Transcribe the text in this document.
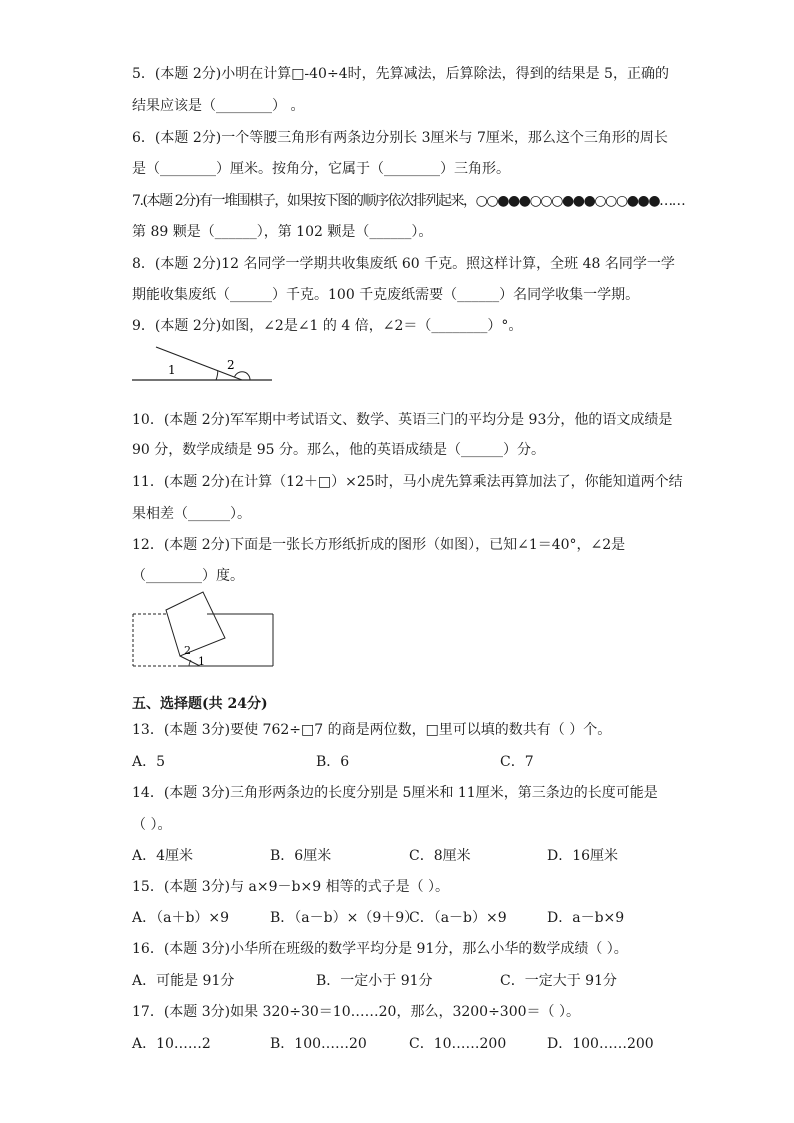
5．(本题 2分)小明在计算□-40÷4时，先算减法，后算除法，得到的结果是 5，正确的
结果应该是（________） 。
6．(本题 2分)一个等腰三角形有两条边分别长 3厘米与 7厘米，那么这个三角形的周长
是（________）厘米。按角分，它属于（________）三角形。
7.(本题 2分)有一堆围棋子，如果按下图的顺序依次排列起来，○○●●●○○○●●●○○○●●●……
第 89 颗是（______），第 102 颗是（______）。
8．(本题 2分)12 名同学一学期共收集废纸 60 千克。照这样计算，全班 48 名同学一学
期能收集废纸（______）千克。100 千克废纸需要（______）名同学收集一学期。
9．(本题 2分)如图，∠2是∠1 的 4 倍，∠2＝（________）°。
1	2
10．(本题 2分)军军期中考试语文、数学、英语三门的平均分是 93分，他的语文成绩是
90 分，数学成绩是 95 分。那么，他的英语成绩是（______）分。
11．(本题 2分)在计算（12＋□）×25时，马小虎先算乘法再算加法了，你能知道两个结
果相差（______）。
12．(本题 2分)下面是一张长方形纸折成的图形（如图），已知∠1＝40°，∠2是
（________）度。
2
1
五、选择题(共 24分)
13．(本题 3分)要使 762÷□7 的商是两位数，□里可以填的数共有（ ）个。
A．5	B．6	C．7
14．(本题 3分)三角形两条边的长度分别是 5厘米和 11厘米，第三条边的长度可能是
（ ）。
A．4厘米	B．6厘米	C．8厘米	D．16厘米
15．(本题 3分)与 a×9－b×9 相等的式子是（ ）。
A．（a＋b）×9	B．（a－b）×（9＋9）
C．（a－b）×9	D．a－b×9
16．(本题 3分)小华所在班级的数学平均分是 91分，那么小华的数学成绩（ ）。
A．可能是 91分	B．一定小于 91分	C．一定大于 91分
17．(本题 3分)如果 320÷30＝10……20，那么，3200÷300＝（ ）。
A．10……2	B．100……20	C．10……200	D．100……200
